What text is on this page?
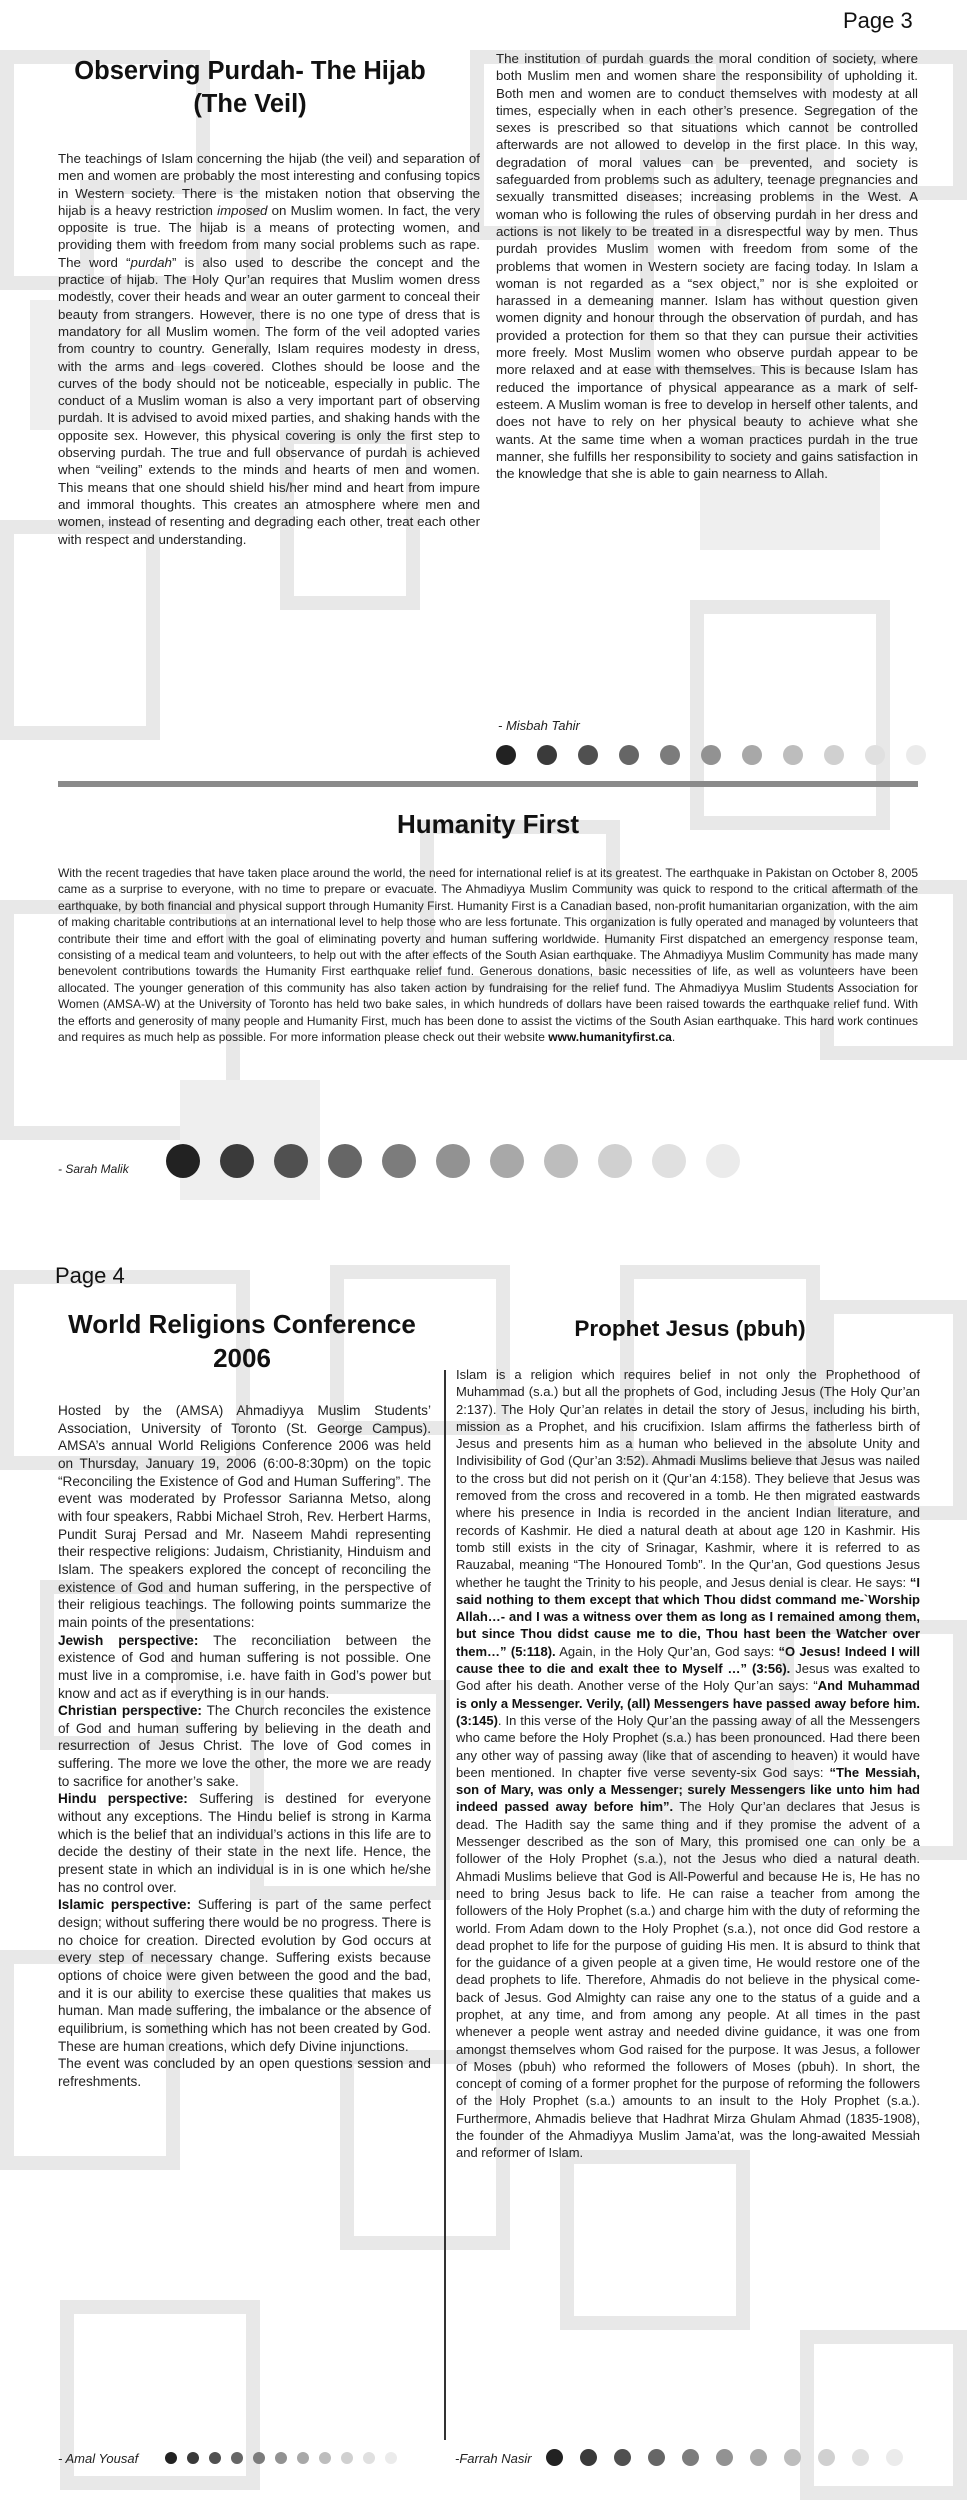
Page 3
Observing Purdah- The Hijab
(The Veil)

The teachings of Islam concerning the hijab (the veil) and separation of men and women are probably the most interesting and confusing topics in Western society. There is the mistaken notion that observing the hijab is a heavy restriction imposed on Muslim women. In fact, the very opposite is true. The hijab is a means of protecting women, and providing them with freedom from many social problems such as rape. The word “purdah” is also used to describe the concept and the practice of hijab. The Holy Qur’an requires that Muslim women dress modestly, cover their heads and wear an outer garment to conceal their beauty from strangers. However, there is no one type of dress that is mandatory for all Muslim women. The form of the veil adopted varies from country to country. Generally, Islam requires modesty in dress, with the arms and legs covered. Clothes should be loose and the curves of the body should not be noticeable, especially in public. The conduct of a Muslim woman is also a very important part of observing purdah. It is advised to avoid mixed parties, and shaking hands with the opposite sex. However, this physical covering is only the first step to observing purdah. The true and full observance of purdah is achieved when “veiling” extends to the minds and hearts of men and women. This means that one should shield his/her mind and heart from impure and immoral thoughts. This creates an atmosphere where men and women, instead of resenting and degrading each other, treat each other with respect and understanding.

The institution of purdah guards the moral condition of society, where both Muslim men and women share the responsibility of upholding it. Both men and women are to conduct themselves with modesty at all times, especially when in each other’s presence. Segregation of the sexes is prescribed so that situations which cannot be controlled afterwards are not allowed to develop in the first place. In this way, degradation of moral values can be prevented, and society is safeguarded from problems such as adultery, teenage pregnancies and sexually transmitted diseases; increasing problems in the West. A woman who is following the rules of observing purdah in her dress and actions is not likely to be treated in a disrespectful way by men. Thus purdah provides Muslim women with freedom from some of the problems that women in Western society are facing today. In Islam a woman is not regarded as a “sex object,” nor is she exploited or harassed in a demeaning manner. Islam has without question given women dignity and honour through the observation of purdah, and has provided a protection for them so that they can pursue their activities more freely. Most Muslim women who observe purdah appear to be more relaxed and at ease with themselves. This is because Islam has reduced the importance of physical appearance as a mark of self-esteem. A Muslim woman is free to develop in herself other talents, and does not have to rely on her physical beauty to achieve what she wants. At the same time when a woman practices purdah in the true manner, she fulfills her responsibility to society and gains satisfaction in the knowledge that she is able to gain nearness to Allah.

- Misbah Tahir
Humanity First

With the recent tragedies that have taken place around the world, the need for international relief is at its greatest. The earthquake in Pakistan on October 8, 2005 came as a surprise to everyone, with no time to prepare or evacuate. The Ahmadiyya Muslim Community was quick to respond to the critical aftermath of the earthquake, by both financial and physical support through Humanity First. Humanity First is a Canadian based, non-profit humanitarian organization, with the aim of making charitable contributions at an international level to help those who are less fortunate. This organization is fully operated and managed by volunteers that contribute their time and effort with the goal of eliminating poverty and human suffering worldwide. Humanity First dispatched an emergency response team, consisting of a medical team and volunteers, to help out with the after effects of the South Asian earthquake. The Ahmadiyya Muslim Community has made many benevolent contributions towards the Humanity First earthquake relief fund. Generous donations, basic necessities of life, as well as volunteers have been allocated. The younger generation of this community has also taken action by fundraising for the relief fund. The Ahmadiyya Muslim Students Association for Women (AMSA-W) at the University of Toronto has held two bake sales, in which hundreds of dollars have been raised towards the earthquake relief fund. With the efforts and generosity of many people and Humanity First, much has been done to assist the victims of the South Asian earthquake. This hard work continues and requires as much help as possible. For more information please check out their website www.humanityfirst.ca.

- Sarah Malik
Page 4
World Religions Conference
2006

Hosted by the (AMSA) Ahmadiyya Muslim Students’ Association, University of Toronto (St. George Campus). AMSA’s annual World Religions Conference 2006 was held on Thursday, January 19, 2006 (6:00-8:30pm) on the topic “Reconciling the Existence of God and Human Suffering”. The event was moderated by Professor Sarianna Metso, along with four speakers, Rabbi Michael Stroh, Rev. Herbert Harms, Pundit Suraj Persad and Mr. Naseem Mahdi representing their respective religions: Judaism, Christianity, Hinduism and Islam. The speakers explored the concept of reconciling the existence of God and human suffering, in the perspective of their religious teachings. The following points summarize the main points of the presentations:

Jewish perspective: The reconciliation between the existence of God and human suffering is not possible. One must live in a compromise, i.e. have faith in God’s power but know and act as if everything is in our hands.

Christian perspective: The Church reconciles the existence of God and human suffering by believing in the death and resurrection of Jesus Christ. The love of God comes in suffering. The more we love the other, the more we are ready to sacrifice for another’s sake.

Hindu perspective: Suffering is destined for everyone without any exceptions. The Hindu belief is strong in Karma which is the belief that an individual’s actions in this life are to decide the destiny of their state in the next life. Hence, the present state in which an individual is in is one which he/she has no control over.

Islamic perspective: Suffering is part of the same perfect design; without suffering there would be no progress. There is no choice for creation. Directed evolution by God occurs at every step of necessary change. Suffering exists because options of choice were given between the good and the bad, and it is our ability to exercise these qualities that makes us human. Man made suffering, the imbalance or the absence of equilibrium, is something which has not been created by God. These are human creations, which defy Divine injunctions.

The event was concluded by an open questions session and refreshments.

- Amal Yousaf
Prophet Jesus (pbuh)

Islam is a religion which requires belief in not only the Prophethood of Muhammad (s.a.) but all the prophets of God, including Jesus (The Holy Qur’an 2:137). The Holy Qur’an relates in detail the story of Jesus, including his birth, mission as a Prophet, and his crucifixion. Islam affirms the fatherless birth of Jesus and presents him as a human who believed in the absolute Unity and Indivisibility of God (Qur’an 3:52). Ahmadi Muslims believe that Jesus was nailed to the cross but did not perish on it (Qur’an 4:158). They believe that Jesus was removed from the cross and recovered in a tomb. He then migrated eastwards where his presence in India is recorded in the ancient Indian literature, and records of Kashmir. He died a natural death at about age 120 in Kashmir. His tomb still exists in the city of Srinagar, Kashmir, where it is referred to as Rauzabal, meaning “The Honoured Tomb”. In the Qur’an, God questions Jesus whether he taught the Trinity to his people, and Jesus denial is clear. He says: “I said nothing to them except that which Thou didst command me-`Worship Allah…- and I was a witness over them as long as I remained among them, but since Thou didst cause me to die, Thou hast been the Watcher over them…” (5:118). Again, in the Holy Qur’an, God says: “O Jesus! Indeed I will cause thee to die and exalt thee to Myself …” (3:56). Jesus was exalted to God after his death. Another verse of the Holy Qur’an says: “And Muhammad is only a Messenger. Verily, (all) Messengers have passed away before him. (3:145). In this verse of the Holy Qur’an the passing away of all the Messengers who came before the Holy Prophet (s.a.) has been pronounced. Had there been any other way of passing away (like that of ascending to heaven) it would have been mentioned. In chapter five verse seventy-six God says: “The Messiah, son of Mary, was only a Messenger; surely Messengers like unto him had indeed passed away before him”. The Holy Qur’an declares that Jesus is dead. The Hadith say the same thing and if they promise the advent of a Messenger described as the son of Mary, this promised one can only be a follower of the Holy Prophet (s.a.), not the Jesus who died a natural death. Ahmadi Muslims believe that God is All-Powerful and because He is, He has no need to bring Jesus back to life. He can raise a teacher from among the followers of the Holy Prophet (s.a.) and charge him with the duty of reforming the world. From Adam down to the Holy Prophet (s.a.), not once did God restore a dead prophet to life for the purpose of guiding His men. It is absurd to think that for the guidance of a given people at a given time, He would restore one of the dead prophets to life. Therefore, Ahmadis do not believe in the physical come-back of Jesus. God Almighty can raise any one to the status of a guide and a prophet, at any time, and from among any people. At all times in the past whenever a people went astray and needed divine guidance, it was one from amongst themselves whom God raised for the purpose. It was Jesus, a follower of Moses (pbuh) who reformed the followers of Moses (pbuh). In short, the concept of coming of a former prophet for the purpose of reforming the followers of the Holy Prophet (s.a.) amounts to an insult to the Holy Prophet (s.a.). Furthermore, Ahmadis believe that Hadhrat Mirza Ghulam Ahmad (1835-1908), the founder of the Ahmadiyya Muslim Jama’at, was the long-awaited Messiah and reformer of Islam.

-Farrah Nasir
